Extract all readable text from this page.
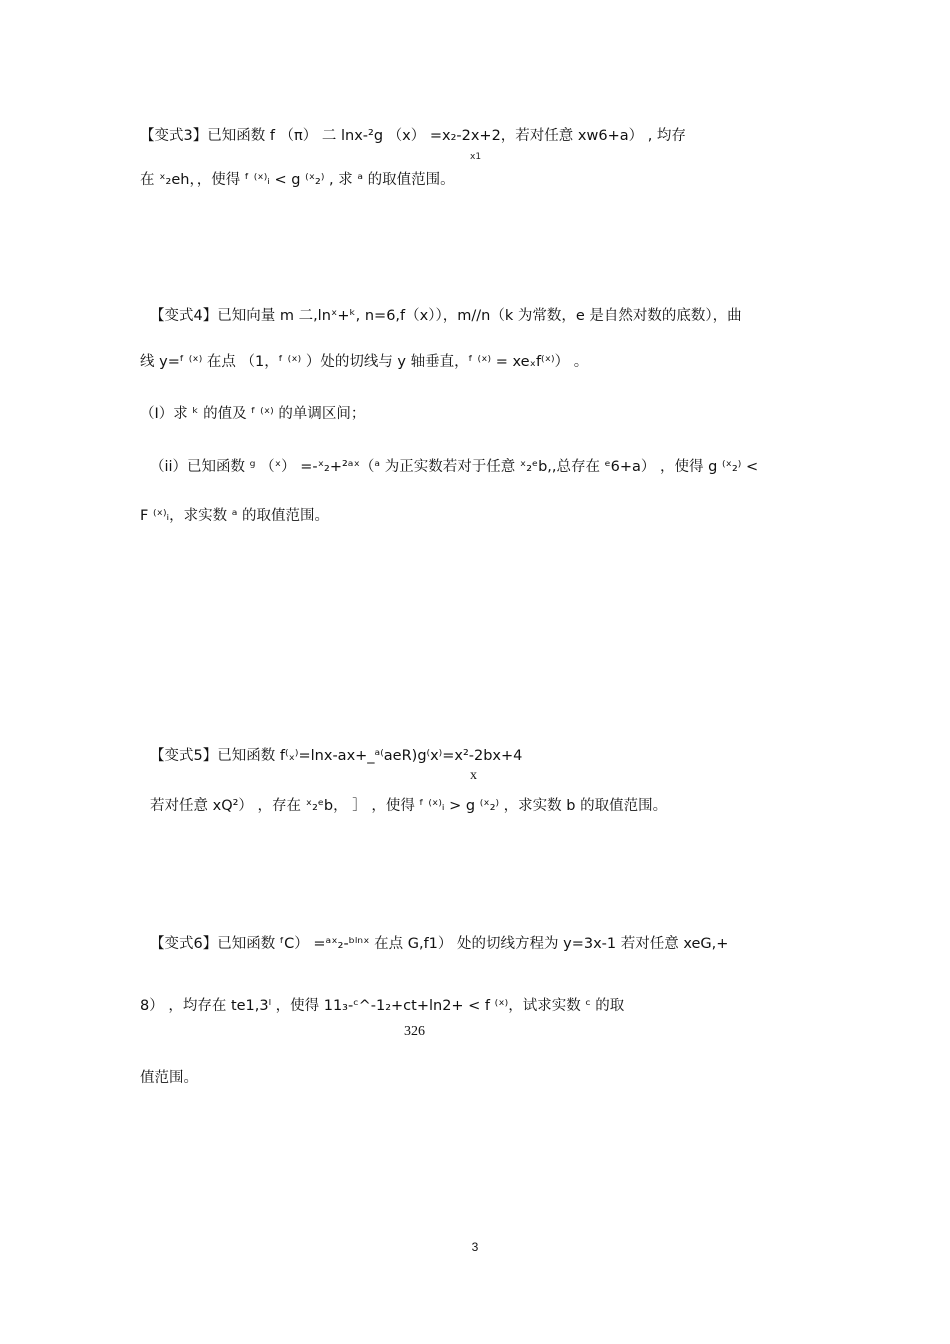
【变式3】已知函数 f （π） 二 lnx-²g （x） =x₂-2x+2，若对任意 xw6+a） , 均存
x1
在 ˣ₂eh，，使得 ᶠ ⁽ˣ⁾ᵢ < g ⁽ˣ₂⁾ , 求 ᵃ 的取值范围。
【变式4】已知向量 m 二,lnˣ+ᵏ, n=6,f（x）），m//n（k 为常数，e 是自然对数的底数），曲
线 y=ᶠ ⁽ˣ⁾ 在点 （1，ᶠ ⁽ˣ⁾ ）处的切线与 y 轴垂直，ᶠ ⁽ˣ⁾ = xeₓf⁽ˣ⁾） 。
（I）求 ᵏ 的值及 ᶠ ⁽ˣ⁾ 的单调区间；
（ii）已知函数 ᵍ （ˣ） =-ˣ₂+²ᵃˣ（ᵃ 为正实数若对于任意 ˣ₂ᵉb,,总存在 ᵉ6+a） ，使得 g ⁽ˣ₂⁾ <
F ⁽ˣ⁾ᵢ，求实数 ᵃ 的取值范围。
【变式5】已知函数 f⁽ₓ⁾=lnx-ax+_ᵃ⁽aeR)g⁽x⁾=x²-2bx+4
x
若对任意 xQ²） ，存在 ˣ₂ᵉb， ］ ，使得 ᶠ ⁽ˣ⁾ᵢ > g ⁽ˣ₂⁾ ，求实数 b 的取值范围。
【变式6】已知函数 ᶠC） =ᵃˣ₂-ᵇˡⁿˣ 在点 G,f1） 处的切线方程为 y=3x-1 若对任意 xeG,+
8） ，均存在 te1,3ˡ ，使得 11₃-ᶜ^-1₂+ct+ln2+ < f ⁽ˣ⁾，试求实数 ᶜ 的取
326
值范围。
3
